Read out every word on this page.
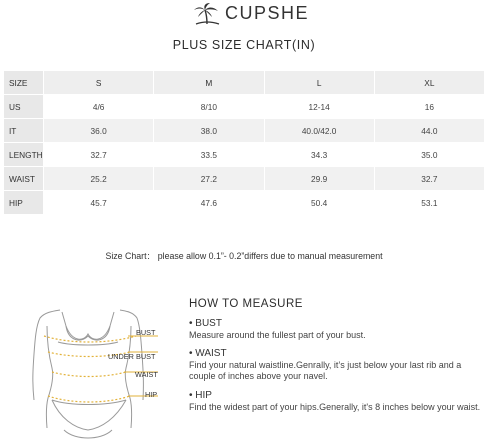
CUPSHE
PLUS SIZE CHART(IN)
SIZE	S	M	L	XL
US	4/6	8/10	12-14	16
IT	36.0	38.0	40.0/42.0	44.0
LENGTH	32.7	33.5	34.3	35.0
WAIST	25.2	27.2	29.9	32.7
HIP	45.7	47.6	50.4	53.1
Size Chart： please allow 0.1”- 0.2”differs due to manual measurement
BUST
UNDER BUST
WAIST
HIP
HOW TO MEASURE
• BUST
Measure around the fullest part of your bust.
• WAIST
Find your natural waistline.Genrally, it’s just below your last rib and a couple of inches above your navel.
• HIP
Find the widest part of your hips.Generally, it's 8 inches below your waist.
